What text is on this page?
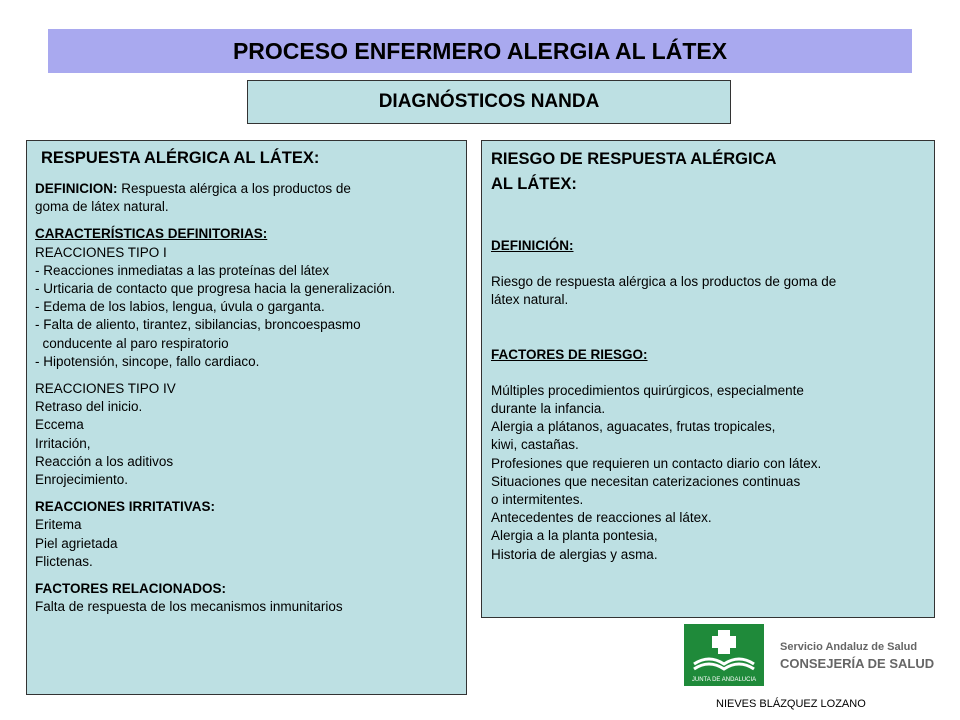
PROCESO ENFERMERO ALERGIA AL LÁTEX
DIAGNÓSTICOS NANDA

RESPUESTA ALÉRGICA AL LÁTEX:

DEFINICION: Respuesta alérgica a los productos de

goma de látex natural.

CARACTERÍSTICAS DEFINITORIAS:

REACCIONES TIPO I

- Reacciones inmediatas a las proteínas del látex

- Urticaria de contacto que progresa hacia la generalización.

- Edema de los labios, lengua, úvula o garganta.

- Falta de aliento, tirantez, sibilancias, broncoespasmo

conducente al paro respiratorio

- Hipotensión, sincope, fallo cardiaco.

REACCIONES TIPO IV

Retraso del inicio.

Eccema

Irritación,

Reacción a los aditivos

Enrojecimiento.

REACCIONES IRRITATIVAS:

Eritema

Piel agrietada

Flictenas.

FACTORES RELACIONADOS:

Falta de respuesta de los mecanismos inmunitarios

RIESGO DE RESPUESTA ALÉRGICA

AL LÁTEX:

DEFINICIÓN:

Riesgo de respuesta alérgica a los productos de goma de

látex natural.

FACTORES DE RIESGO:

Múltiples procedimientos quirúrgicos, especialmente

durante la infancia.

Alergia a plátanos, aguacates, frutas tropicales,

kiwi, castañas.

Profesiones que requieren un contacto diario con látex.

Situaciones que necesitan caterizaciones continuas

o intermitentes.

Antecedentes de reacciones al látex.

Alergia a la planta pontesia,

Historia de alergias y asma.

JUNTA DE ANDALUCIA
Servicio Andaluz de Salud
CONSEJERÍA DE SALUD
NIEVES BLÁZQUEZ LOZANO
